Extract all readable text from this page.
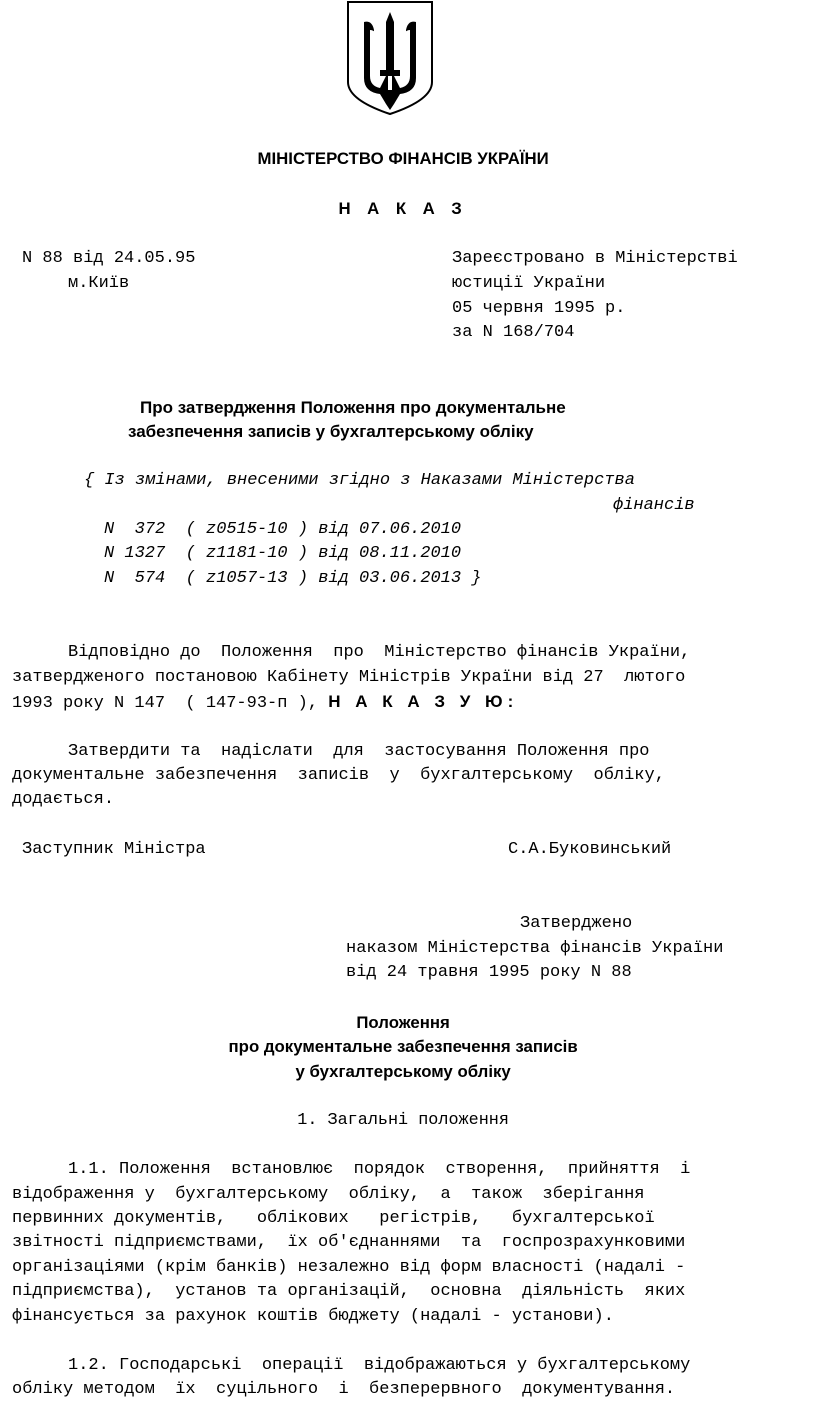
МІНІСТЕРСТВО ФІНАНСІВ УКРАЇНИ
Н А К А З
N 88 від 24.05.95
м.Київ
Зареєстровано в Міністерстві
юстиції України
05 червня 1995 р.
за N 168/704
Про затвердження Положення про документальне
забезпечення записів у бухгалтерському обліку
{ Із змінами, внесеними згідно з Наказами Міністерства
фінансів
N  372  ( z0515-10 ) від 07.06.2010
N 1327  ( z1181-10 ) від 08.11.2010
N  574  ( z1057-13 ) від 03.06.2013 }
Відповідно до  Положення  про  Міністерство фінансів України,
затвердженого постановою Кабінету Міністрів України від 27  лютого
1993 року N 147  ( 147-93-п ), Н А К А З У Ю:
Затвердити та  надіслати  для  застосування Положення про
документальне забезпечення  записів  у  бухгалтерському  обліку,
додається.
Заступник Міністра	С.А.Буковинський
Затверджено
наказом Міністерства фінансів України
від 24 травня 1995 року N 88
Положення
про документальне забезпечення записів
у бухгалтерському обліку
1. Загальні положення
1.1. Положення  встановлює  порядок  створення,  прийняття  і
відображення у  бухгалтерському  обліку,  а  також  зберігання
первинних документів,   облікових   регістрів,   бухгалтерської
звітності підприємствами,  їх об'єднаннями  та  госпрозрахунковими
організаціями (крім банків) незалежно від форм власності (надалі -
підприємства),  установ та організацій,  основна  діяльність  яких
фінансується за рахунок коштів бюджету (надалі - установи).
1.2. Господарські  операції  відображаються у бухгалтерському
обліку методом  їх  суцільного  і  безперервного  документування.
